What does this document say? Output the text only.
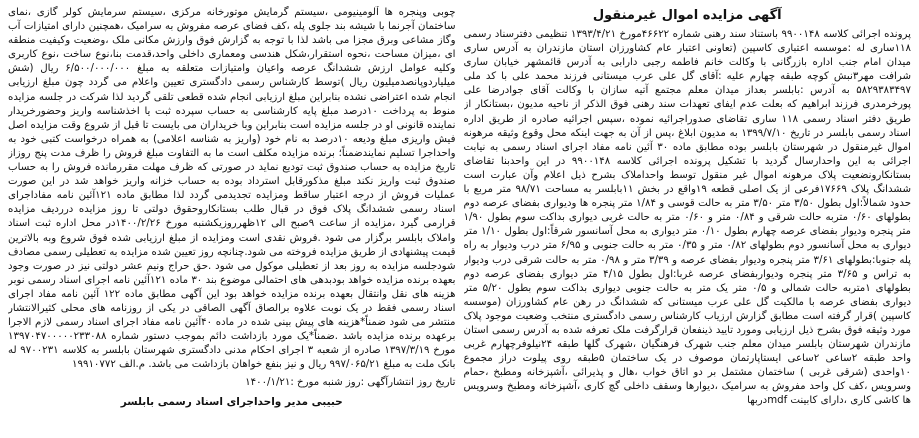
آگهی مزایده اموال غیرمنقول

پرونده اجرائی کلاسه ۹۹۰۰۱۴۸ باستناد سند رهنی شماره ۴۶۶۲۲مورخ ۱۳۹۳/۴/۲۱ تنظیمی دفترسناد رسمی ۱۱۸ساری له :موسسه اعتباری کاسپین (تعاونی اعتبار عام کشاورزان استان مازندران به آدرس ساری میدان امام جنب اداره بازرگانی با وکالت خانم فاطمه رجبی دارابی به آدرس قائمشهر خیابان ساری شرافت مهر۳نبش کوچه طبقه چهارم علیه :آقای گل علی عرب میستانی فرزند محمد علی با کد ملی ۵۸۲۹۳۸۳۴۹۷ به آدرس :بابلسر بعداز میدان معلم مجتمع آتیه سازان با وکالت آقای جوادرضا علی پورخرمدری فرزند ابراهیم که بعلت عدم ایفای تعهدات سند رهنی فوق الذکر از ناحیه مدیون ،بستانکار از طریق دفتر اسناد رسمی ۱۱۸ ساری تقاضای صدوراجرائیه نموده ،سپس اجرائیه صادره از طریق اداره اسناد رسمی بابلسر در تاریخ ۱۳۹۹/۷/۱۰ به مدیون ابلاغ ،پس از آن به جهت اینکه محل وقوع وثیقه مرهونه اموال غیرمنقول در شهرستان بابلسر بوده مطابق ماده ۳۰ آئین نامه مفاد اجرای اسناد رسمی به نیابت اجرائی به این واحدارسال گردید با تشکیل پرونده اجرائی کلاسه ۹۹۰۰۱۴۸ در این واحدبنا تقاضای بستانکارونضعیت پلاک مرهونه اموال غیر منقول توسط واحداملاک بشرح ذیل اعلام وآن عبارت است ششدانگ پلاک ۱۷۶۶۹فرعی از یک اصلی قطعه ۱۹واقع در بخش ۱۱بابلسر به مساحت ۹۸/۷۱ متر مربع با حدود شمالاً:اول بطول ۳/۵۰ متر ۳/۵۰ متر به حالت قوسی و ۱/۸۴ متر پنجره ها ودیواری بفضای عرصه دوم بطولهای ۰/۶۰ متربه حالت شرقی و ۰/۸۴ متر و ۰/۶۰ متر به حالت غربی دیواری بداکت سوم بطول ۱/۹۰ متر پنجره ودیوار بفضای عرصه چهارم بطول ۰/۱۰ متر دیواری به محل آسانسور شرقاً:اول بطول ۱/۱۰ متر دیواری به محل آسانسور دوم بطولهای ۰/۸۲ متر و ۰/۳۵ متر به حالت جنوبی و ۶/۹۵ متر درب ودیوار به راه پله جنوبا:بطولهای ۳/۶۱ متر پنجره ودیوار بفضای عرصه و ۳/۳۹ متر و ۰/۹۸ متر به حالت شرقی درب ودیوار به تراس و ۳/۶۵ متر پنجره ودیواربفضای عرصه غربا:اول بطول ۴/۱۵ متر دیواری بفضای عرصه دوم بطولهای ۱متربه حالت شمالی و ۰/۵ متر یک متر به حالت جنوبی دیواری بداکت سوم بطول ۵/۲۰ متر دیواری بفضای عرصه با مالکیت گل علی عرب میستانی که ششدانگ در رهن عام کشاورزان (موسسه کاسپین )قرار گرفته است مطابق گزارش ارزیاب کارشناس رسمی دادگستری منتخب وضعیت موجود پلاک مورد وثیقه فوق بشرح ذیل ارزیابی ومورد تایید ذینفعان قرارگرفت ملک تعرفه شده به آدرس رسمی استان مازندران شهرستان بابلسر میدان معلم جنب شهرک فرهنگیان ،شهرک گلها طبقه ۲۴نیلوفرچهارم غربی واحد طبقه ۲ساعی ۲ساعی ایستاپارتمان موصوف در یک ساختمان ۵طبقه روی پیلوت دراز مجموع ۱۰واحدی (شرقی غربی ) ساختمان مشتمل بر دو اتاق خواب ،هال و پذیرائی ،آشپزخانه ومطبخ ،حمام وسرویس ،کف کل واحد مفروش به سرامیک ،دیوارها وسقف داخلی گچ کاری ،آشپزخانه ومطبخ وسرویس ها کاشی کاری ،دارای کابینت mdfدربها

چوبی وپنجره ها آلومینیومی ،سیستم گرمایش موتورخانه مرکزی ،سیستم سرمایش کولر گازی ،نمای ساختمان آجرنما با شیشه بند جلوی پله ،کف فضای عرصه مفروش به سرامیک ،همچنین دارای امتیازات آب وگاز مشاعی وبرق مجزا می باشد لذا با توجه به گزارش فوق وارزش مکانی ملک ،وضعیت وکیفیت منطقه ای ،میزان مساحت ،نحوه استقرار،شکل هندسی ومعماری داخلی واحد،قدمت بنا،نوع ساخت ،نوع کاربری وکلیه عوامل ارزش ششدانگ عرصه واعیان وامتیازات متعلقه به مبلغ ۶/۵۰۰/۰۰۰/۰۰۰ ریال (شش میلیاردوپانصدمیلیون ریال )توسط کارشناس رسمی دادگستری تعیین واعلام می گردد چون مبلغ ارزیابی انجام شده اعتراضی نشده بنابراین مبلغ ارزیابی انجام شده قطعی تلقی گردید لذا شرکت در جلسه مزایده منوط به پرداخت ۱۰درصد مبلغ پایه کارشناسی به حساب سپرده ثبت یا اخذشناسه واریز وحضورخریدار نماینده قانونی او در جلسه مزایده است بنابراین وبا خریداران می بایست تا قبل از شروع وقت مزایده اصل فیش واریزی مبلغ ودیعه ۱۰درصد به نام خود (واریز به شناسه اعلامی) به همراه درخواست کتبی خود به واحداجرا تسلیم نمایندضمناً؛ برنده مزایده مکلف است ما به التفاوت مبلغ فروش را ظرف مدت پنج روزاز تاریخ مزایده به حساب صندوق ثبت تودیع نماید در صورتی که ظرف مهلت مقررمانده فروش را به حساب صندوق ثبت واریز نکند مبلغ مذکورقابل استرداد بوده به حساب خزانه واریز خواهد شد در این صورت عملیات فروش از درجه اعتبار ساقط ومزایده تجدیدمی گردد لذا مطابق ماده ۱۲۱آئین نامه مفاداجرای اسناد رسمی ششدانگ پلاک فوق در قبال طلب بستانکاروحقوق دولتی تا روز مزایده درردیف مزایده قرارمی گیرد ،مزایده از ساعت ۹صبح الی ۱۲ظهرروزیکشنبه مورخ ۱۴۰۰/۲/۲۶در محل اداره ثبت اسناد واملاک بابلسر برگزار می شود .فروش نقدی است ومزایده از مبلغ ارزیابی شده فوق شروع وبه بالاترین قیمت پیشنهادی از طریق مزایده فروخته می شود.چنانچه روز تعیین شده مزایده به تعطیلی رسمی مصادف شودجلسه مزایده به روز بعد از تعطیلی موکول می شود .حق حراج ونیم عشر دولتی نیز در صورت وجود بعهده برنده مزایده خواهد بودبدهی های احتمالی موضوع بند ۳۰ ماده ۱۲۱آئین نامه اجرای اسناد رسمی نوبر هزینه های نقل وانتقال بعهده برنده مزایده خواهد بود این آگهی مطابق ماده ۱۲۲ آئین نامه مفاد اجرای اسناد رسمی فقط در یک نوبت علاوه برالصاق آگهی الصاقی در یکی از روزنامه های محلی کثیرالانتشار منتشر می شود ضمناً*هزینه های پیش بینی شده در ماده ۴۰آئین نامه مفاد اجرای اسناد رسمی لازم الاجرا برعهده برنده مزایده باشد .ضمناً*یک مورد بازداشت دائم بموجب دستور شماره ۱۳۹۷۰۴۷۰۰۰۰۰۲۳۳۰۸۸ مورخ ۱۳۹۷/۳/۱۹ صادره از شعبه ۳ اجرای احکام مدنی دادگستری شهرستان بابلسر به کلاسه ۹۷۰۰۲۳۱ له بانک ملت به مبلغ ۹۹۷/۰۶۵/۲۱ ریال و نیز بنفع خواهان بازداشت می باشد. م.الف ۱۹۹۱۰۷۷۲

تاریخ روز انتشارآگهی :روز شنبه مورخ :۱۴۰۰/۱/۲۱

حبیبی مدیر واحداجرای اسناد رسمی بابلسر
